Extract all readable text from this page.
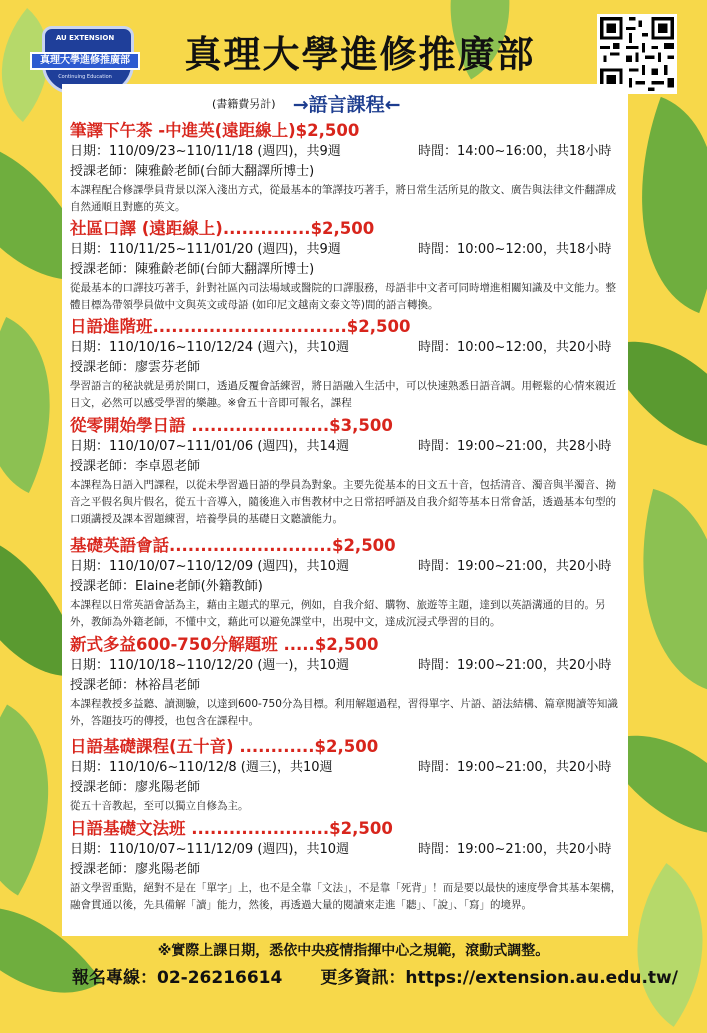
AU EXTENSION
真理大學進修推廣部
Continuing Education
真理大學進修推廣部
(書籍費另計) →語言課程←
筆譯下午茶 -中進英(遠距線上)$2,500
日期：110/09/23~110/11/18 (週四)，共9週	時間：14:00~16:00，共18小時
授課老師：陳雅齡老師(台師大翻譯所博士)
本課程配合修課學員背景以深入淺出方式，從最基本的筆譯技巧著手，將日常生活所見的散文、廣告與法律文件翻譯成自然通順且對應的英文。
社區口譯 (遠距線上)..............$2,500
日期：110/11/25~111/01/20 (週四)，共9週	時間：10:00~12:00，共18小時
授課老師：陳雅齡老師(台師大翻譯所博士)
從最基本的口譯技巧著手，針對社區內司法場域或醫院的口譯服務，母語非中文者可同時增進相關知識及中文能力。整體目標為帶領學員做中文與英文或母語 (如印尼文越南文泰文等)間的語言轉換。
日語進階班...............................$2,500
日期：110/10/16~110/12/24 (週六)，共10週	時間：10:00~12:00，共20小時
授課老師：廖雲芬老師
學習語言的秘訣就是勇於開口，透過反覆會話練習，將日語融入生活中，可以快速熟悉日語音調。用輕鬆的心情來親近日文，必然可以感受學習的樂趣。※會五十音即可報名，課程
從零開始學日語 ......................$3,500
日期：110/10/07~111/01/06 (週四)，共14週	時間：19:00~21:00，共28小時
授課老師：李卓恩老師
本課程為日語入門課程，以從未學習過日語的學員為對象。主要先從基本的日文五十音，包括清音、濁音與半濁音、拗音之平假名與片假名，從五十音導入，隨後進入市售教材中之日常招呼語及自我介紹等基本日常會話，透過基本句型的口頭講授及課本習題練習，培養學員的基礎日文聽讀能力。
基礎英語會話..........................$2,500
日期：110/10/07~110/12/09 (週四)，共10週	時間：19:00~21:00，共20小時
授課老師：Elaine老師(外籍教師)
本課程以日常英語會話為主，藉由主題式的單元，例如，自我介紹、購物、旅遊等主題，達到以英語溝通的目的。另外，教師為外籍老師，不懂中文，藉此可以避免課堂中，出現中文，達成沉浸式學習的目的。
新式多益600-750分解題班 .....$2,500
日期：110/10/18~110/12/20 (週一)，共10週	時間：19:00~21:00，共20小時
授課老師：林裕昌老師
本課程教授多益聽、讀測驗，以達到600-750分為目標。利用解題過程，習得單字、片語、語法結構、篇章閱讀等知識外，答題技巧的傳授，也包含在課程中。
日語基礎課程(五十音) ............$2,500
日期：110/10/6~110/12/8 (週三)，共10週	時間：19:00~21:00，共20小時
授課老師：廖兆陽老師
從五十音教起，至可以獨立自修為主。
日語基礎文法班 ......................$2,500
日期：110/10/07~111/12/09 (週四)，共10週	時間：19:00~21:00，共20小時
授課老師：廖兆陽老師
語文學習重點，絕對不是在「單字」上，也不是全靠「文法」，不是靠「死背」！而是要以最快的速度學會其基本架構，融會貫通以後，先具備解「讀」能力，然後，再透過大量的閱讀來走進「聽」、「說」、「寫」的境界。
※實際上課日期，悉依中央疫情指揮中心之規範，滾動式調整。
報名專線：02-26216614 更多資訊：https://extension.au.edu.tw/
